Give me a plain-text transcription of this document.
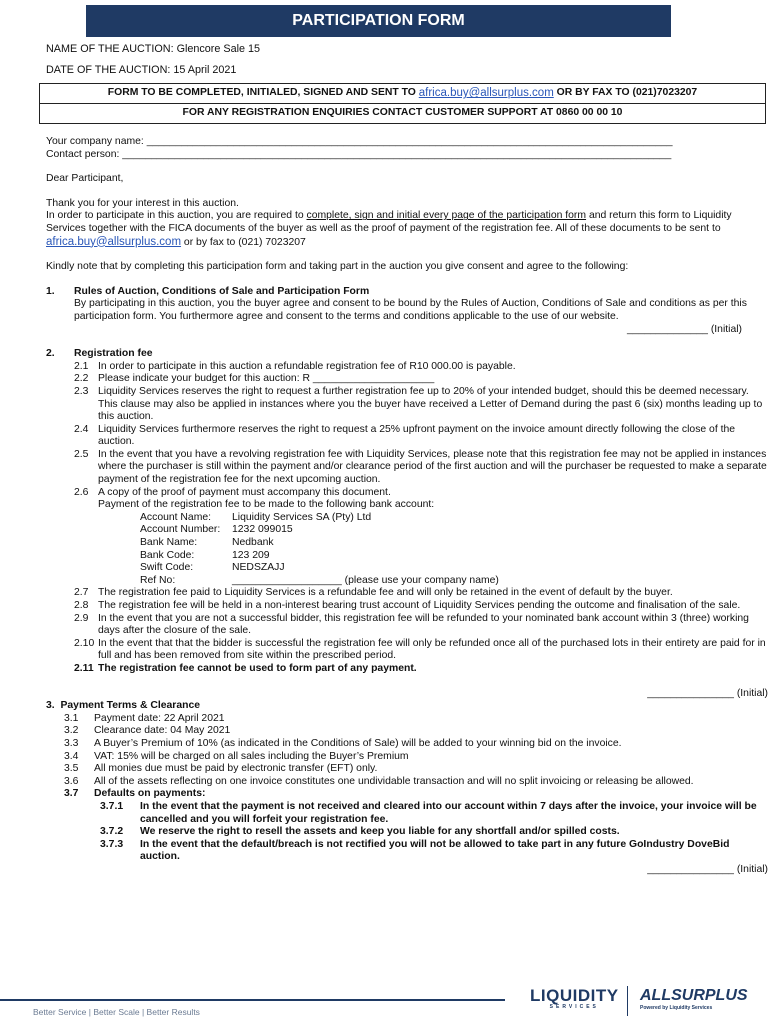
PARTICIPATION FORM
NAME OF THE AUCTION: Glencore Sale 15
DATE OF THE AUCTION: 15 April 2021
FORM TO BE COMPLETED, INITIALED, SIGNED AND SENT TO
africa.buy@allsurplus.com
OR BY FAX TO (021)7023207
FOR ANY REGISTRATION ENQUIRIES CONTACT CUSTOMER SUPPORT AT 0860 00 00 10

Your company name: ___________________________________________________________________________________________

Contact person: _______________________________________________________________________________________________

Dear Participant,

Thank you for your interest in this auction.

In order to participate in this auction, you are required to complete, sign and initial every page of the participation form and return this form to Liquidity Services together with the FICA documents of the buyer as well as the proof of payment of the registration fee. All of these documents to be sent to africa.buy@allsurplus.com or by fax to (021) 7023207

Kindly note that by completing this participation form and taking part in the auction you give consent and agree to the following:

1. Rules of Auction, Conditions of Sale and Participation Form
By participating in this auction, you the buyer agree and consent to be bound by the Rules of Auction, Conditions of Sale and conditions as per this participation form. You furthermore agree and consent to the terms and conditions applicable to the use of our website.
______________ (Initial)
2. Registration fee
2.1 In order to participate in this auction a refundable registration fee of R10 000.00 is payable.
2.2 Please indicate your budget for this auction: R _____________________
2.3 Liquidity Services reserves the right to request a further registration fee up to 20% of your intended budget, should this be deemed necessary. This clause may also be applied in instances where you the buyer have received a Letter of Demand during the past 6 (six) months leading up to this auction.
2.4 Liquidity Services furthermore reserves the right to request a 25% upfront payment on the invoice amount directly following the close of the auction.
2.5 In the event that you have a revolving registration fee with Liquidity Services, please note that this registration fee may not be applied in instances where the purchaser is still within the payment and/or clearance period of the first auction and will the purchaser be requested to make a separate payment of the registration fee for the next upcoming auction.
2.6 A copy of the proof of payment must accompany this document.
Payment of the registration fee to be made to the following bank account:
Account Name: Liquidity Services SA (Pty) Ltd
Account Number: 1232 099015
Bank Name:	Nedbank
Bank Code:	123 209
Swift Code:	NEDSZAJJ
Ref No:	___________________ (please use your company name)
2.7 The registration fee paid to Liquidity Services is a refundable fee and will only be retained in the event of default by the buyer.
2.8 The registration fee will be held in a non-interest bearing trust account of Liquidity Services pending the outcome and finalisation of the sale.
2.9 In the event that you are not a successful bidder, this registration fee will be refunded to your nominated bank account within 3 (three) working days after the closure of the sale.
2.10 In the event that that the bidder is successful the registration fee will only be refunded once all of the purchased lots in their entirety are paid for in full and has been removed from site within the prescribed period.
2.11 The registration fee cannot be used to form part of any payment.
_______________ (Initial)
3. Payment Terms & Clearance
3.1 Payment date: 22 April 2021
3.2 Clearance date: 04 May 2021
3.3 A Buyer’s Premium of 10% (as indicated in the Conditions of Sale) will be added to your winning bid on the invoice.
3.4 VAT: 15% will be charged on all sales including the Buyer’s Premium
3.5 All monies due must be paid by electronic transfer (EFT) only.
3.6 All of the assets reflecting on one invoice constitutes one undividable transaction and will no split invoicing or releasing be allowed.
3.7 Defaults on payments:
3.7.1 In the event that the payment is not received and cleared into our account within 7 days after the invoice, your invoice will be cancelled and you will forfeit your registration fee.
3.7.2 We reserve the right to resell the assets and keep you liable for any shortfall and/or spilled costs.
3.7.3 In the event that the default/breach is not rectified you will not be allowed to take part in any future GoIndustry DoveBid auction.
_______________ (Initial)
Better Service | Better Scale | Better Results
LIQUIDITY
SERVICES
ALLSURPLUS
Powered by Liquidity Services
